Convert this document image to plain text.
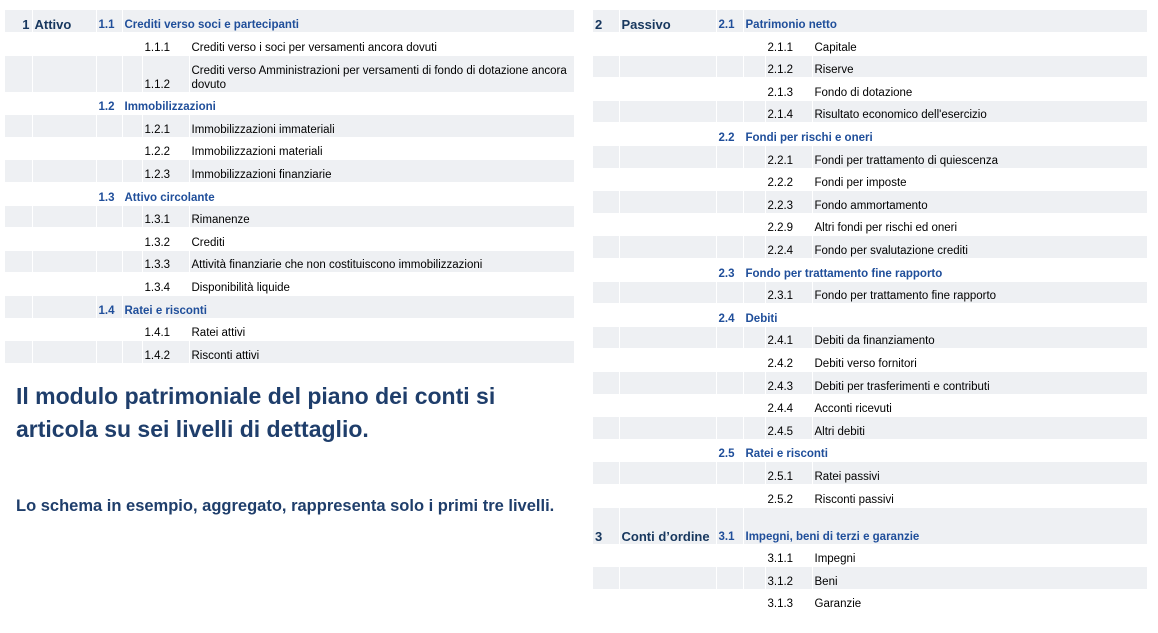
1	Attivo	1.1	Crediti verso soci e partecipanti		
				1.1.1	Crediti verso i soci per versamenti ancora dovuti
				1.1.2	Crediti verso Amministrazioni per versamenti di fondo di dotazione ancora dovuto
		1.2	Immobilizzazioni		
				1.2.1	Immobilizzazioni immateriali
				1.2.2	Immobilizzazioni materiali
				1.2.3	Immobilizzazioni finanziarie
		1.3	Attivo circolante		
				1.3.1	Rimanenze
				1.3.2	Crediti
				1.3.3	Attività finanziarie che non costituiscono immobilizzazioni
				1.3.4	Disponibilità liquide
		1.4	Ratei e risconti		
				1.4.1	Ratei attivi
				1.4.2	Risconti attivi

Il modulo patrimoniale del piano dei conti si articola su sei livelli di dettaglio.

Lo schema in esempio, aggregato, rappresenta solo i primi tre livelli.

2	Passivo	2.1	Patrimonio netto		
				2.1.1	Capitale
				2.1.2	Riserve
				2.1.3	Fondo di dotazione
				2.1.4	Risultato economico dell'esercizio
		2.2	Fondi per rischi e oneri		
				2.2.1	Fondi per trattamento di quiescenza
				2.2.2	Fondi per imposte
				2.2.3	Fondo ammortamento
				2.2.9	Altri fondi per rischi ed oneri
				2.2.4	Fondo per svalutazione crediti
		2.3	Fondo per trattamento fine rapporto		
				2.3.1	Fondo per trattamento fine rapporto
		2.4	Debiti		
				2.4.1	Debiti da finanziamento
				2.4.2	Debiti verso fornitori
				2.4.3	Debiti per trasferimenti e contributi
				2.4.4	Acconti ricevuti
				2.4.5	Altri debiti
		2.5	Ratei e risconti		
				2.5.1	Ratei passivi
				2.5.2	Risconti passivi
3	Conti d’ordine	3.1	Impegni, beni di terzi e garanzie		
				3.1.1	Impegni
				3.1.2	Beni
				3.1.3	Garanzie
